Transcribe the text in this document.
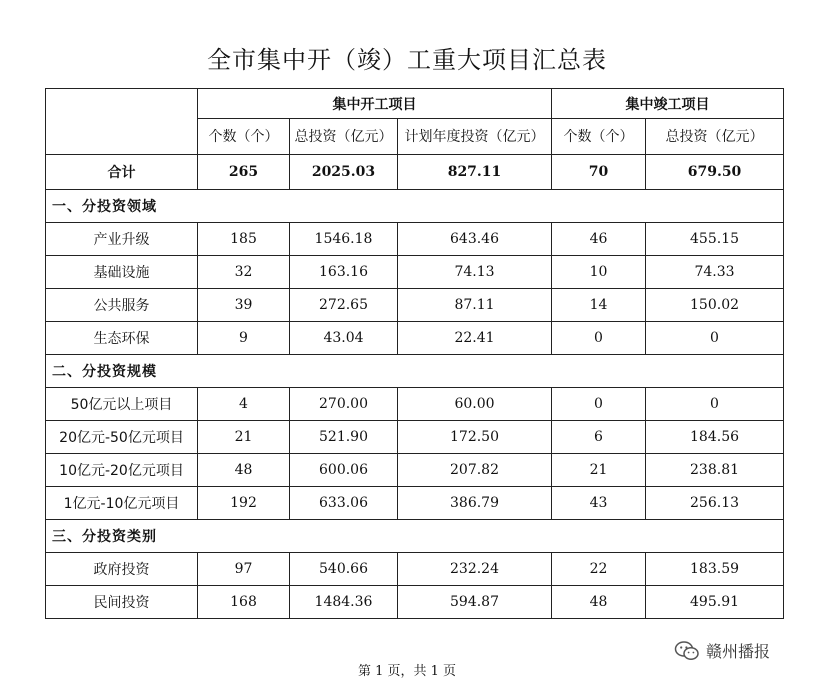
全市集中开（竣）工重大项目汇总表
	集中开工项目			集中竣工项目	
	个数（个）	总投资（亿元）	计划年度投资（亿元）	个数（个）	总投资（亿元）
合计	265	2025.03	827.11	70	679.50
一、分投资领域					
产业升级	185	1546.18	643.46	46	455.15
基础设施	32	163.16	74.13	10	74.33
公共服务	39	272.65	87.11	14	150.02
生态环保	9	43.04	22.41	0	0
二、分投资规模					
50亿元以上项目	4	270.00	60.00	0	0
20亿元-50亿元项目	21	521.90	172.50	6	184.56
10亿元-20亿元项目	48	600.06	207.82	21	238.81
1亿元-10亿元项目	192	633.06	386.79	43	256.13
三、分投资类别					
政府投资	97	540.66	232.24	22	183.59
民间投资	168	1484.36	594.87	48	495.91
第 1 页，共 1 页
赣州播报
